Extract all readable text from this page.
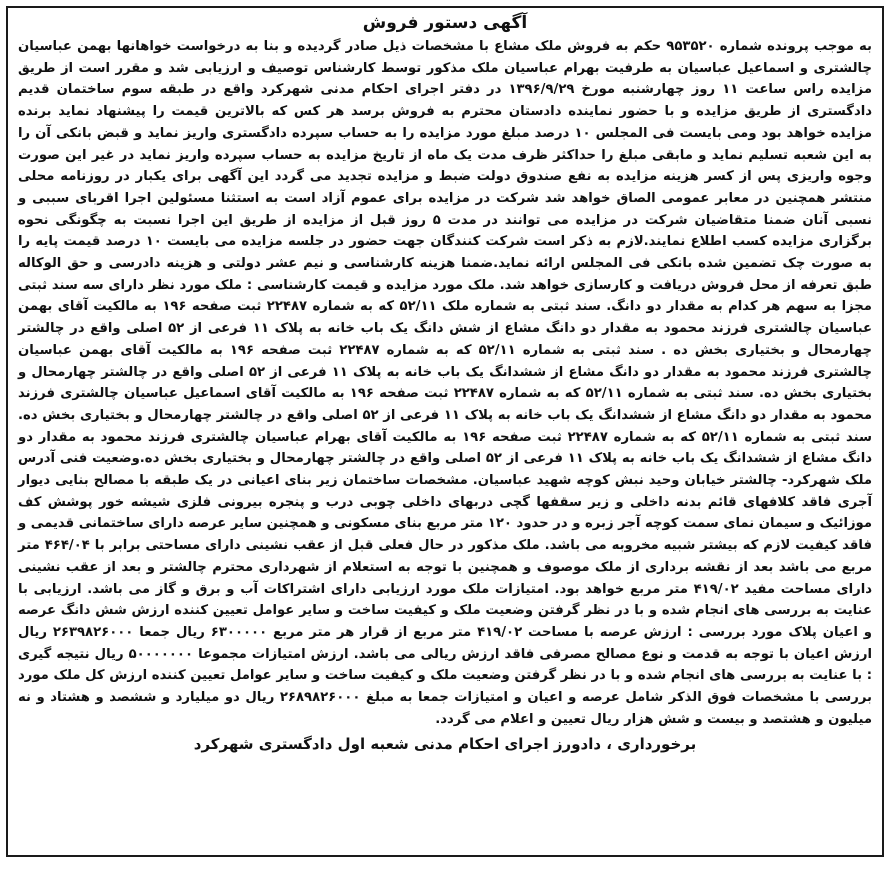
آگهی دستور فروش

به موجب پرونده شماره ۹۵۳۵۲۰ حکم به فروش ملک مشاع با مشخصات ذیل صادر گردیده و بنا به درخواست خواهانها بهمن عباسیان چالشتری و اسماعیل عباسیان به طرفیت بهرام عباسیان ملک مذکور توسط کارشناس توصیف و ارزیابی شد و مقرر است از طریق مزایده راس ساعت ۱۱ روز چهارشنبه مورخ ۱۳۹۶/۹/۲۹ در دفتر اجرای احکام مدنی شهرکرد واقع در طبقه سوم ساختمان قدیم دادگستری از طریق مزایده و با حضور نماینده دادستان محترم به فروش برسد هر کس که بالاترین قیمت را پیشنهاد نماید برنده مزایده خواهد بود ومی بایست فی المجلس ۱۰ درصد مبلغ مورد مزایده را به حساب سپرده دادگستری واریز نماید و قبض بانکی آن را به این شعبه تسلیم نماید و مابقی مبلغ را حداکثر ظرف مدت یک ماه از تاریخ مزایده به حساب سپرده واریز نماید در غیر این صورت وجوه واریزی پس از کسر هزینه مزایده به نفع صندوق دولت ضبط و مزایده تجدید می گردد این آگهی برای یکبار در روزنامه محلی منتشر همچنین در معابر عمومی الصاق خواهد شد شرکت در مزایده برای عموم آزاد است به استثنا مسئولین اجرا اقربای سببی و نسبی آنان ضمنا متقاضیان شرکت در مزایده می توانند در مدت ۵ روز قبل از مزایده از طریق این اجرا نسبت به چگونگی نحوه برگزاری مزایده کسب اطلاع نمایند.لازم به ذکر است شرکت کنندگان جهت حضور در جلسه مزایده می بایست ۱۰ درصد قیمت پایه را به صورت چک تضمین شده بانکی فی المجلس ارائه نماید.ضمنا هزینه کارشناسی و نیم عشر دولتی و هزینه دادرسی و حق الوکاله طبق تعرفه از محل فروش دریافت و کارسازی خواهد شد. ملک مورد مزایده و قیمت کارشناسی : ملک مورد نظر دارای سه سند ثبتی مجزا به سهم هر کدام به مقدار دو دانگ. سند ثبتی به شماره ملک ۵۲/۱۱ که به شماره ۲۲۴۸۷ ثبت صفحه ۱۹۶ به مالکیت آقای بهمن عباسیان چالشتری فرزند محمود به مقدار دو دانگ مشاع از شش دانگ یک باب خانه به پلاک ۱۱ فرعی از ۵۲ اصلی واقع در چالشتر چهارمحال و بختیاری بخش ده . سند ثبتی به شماره ۵۲/۱۱ که به شماره ۲۲۴۸۷ ثبت صفحه ۱۹۶ به مالکیت آقای بهمن عباسیان چالشتری فرزند محمود به مقدار دو دانگ مشاع از ششدانگ یک باب خانه به پلاک ۱۱ فرعی از ۵۲ اصلی واقع در چالشتر چهارمحال و بختیاری بخش ده. سند ثبتی به شماره ۵۲/۱۱ که به شماره ۲۲۴۸۷ ثبت صفحه ۱۹۶ به مالکیت آقای اسماعیل عباسیان چالشتری فرزند محمود به مقدار دو دانگ مشاع از ششدانگ یک باب خانه به پلاک ۱۱ فرعی از ۵۲ اصلی واقع در چالشتر چهارمحال و بختیاری بخش ده. سند ثبتی به شماره ۵۲/۱۱ که به شماره ۲۲۴۸۷ ثبت صفحه ۱۹۶ به مالکیت آقای بهرام عباسیان چالشتری فرزند محمود به مقدار دو دانگ مشاع از ششدانگ یک باب خانه به پلاک ۱۱ فرعی از ۵۲ اصلی واقع در چالشتر چهارمحال و بختیاری بخش ده.وضعیت فنی آدرس ملک شهرکرد- چالشتر خیابان وحید نبش کوچه شهید عباسیان. مشخصات ساختمان زیر بنای اعیانی در یک طبقه با مصالح بنایی دیوار آجری فاقد کلافهای قائم بدنه داخلی و زیر سقفها گچی دربهای داخلی چوبی درب و پنجره بیرونی فلزی شیشه خور پوشش کف موزائیک و سیمان نمای سمت کوچه آجر زبره و در حدود ۱۲۰ متر مربع بنای مسکونی و همچنین سایر عرصه دارای ساختمانی قدیمی و فاقد کیفیت لازم که بیشتر شبیه مخروبه می باشد. ملک مذکور در حال فعلی قبل از عقب نشینی دارای مساحتی برابر با ۴۶۴/۰۴ متر مربع می باشد بعد از نقشه برداری از ملک موصوف و همچنین با توجه به استعلام از شهرداری محترم چالشتر و بعد از عقب نشینی دارای مساحت مفید ۴۱۹/۰۲ متر مربع خواهد بود. امتیازات ملک مورد ارزیابی دارای اشتراکات آب و برق و گاز می باشد. ارزیابی با عنایت به بررسی های انجام شده و با در نظر گرفتن وضعیت ملک و کیفیت ساخت و سایر عوامل تعیین کننده ارزش شش دانگ عرصه و اعیان پلاک مورد بررسی : ارزش عرصه با مساحت ۴۱۹/۰۲ متر مربع از قرار هر متر مربع ۶۳۰۰۰۰۰ ریال جمعا ۲۶۳۹۸۲۶۰۰۰ ریال ارزش اعیان با توجه به قدمت و نوع مصالح مصرفی فاقد ارزش ریالی می باشد. ارزش امتیازات مجموعا ۵۰۰۰۰۰۰۰ ریال نتیجه گیری : با عنایت به بررسی های انجام شده و با در نظر گرفتن وضعیت ملک و کیفیت ساخت و سایر عوامل تعیین کننده ارزش کل ملک مورد بررسی با مشخصات فوق الذکر شامل عرصه و اعیان و امتیازات جمعا به مبلغ ۲۶۸۹۸۲۶۰۰۰ ریال دو میلیارد و ششصد و هشتاد و نه میلیون و هشتصد و بیست و شش هزار ریال تعیین و اعلام می گردد.

برخورداری ، دادورز اجرای احکام مدنی شعبه اول دادگستری شهرکرد
